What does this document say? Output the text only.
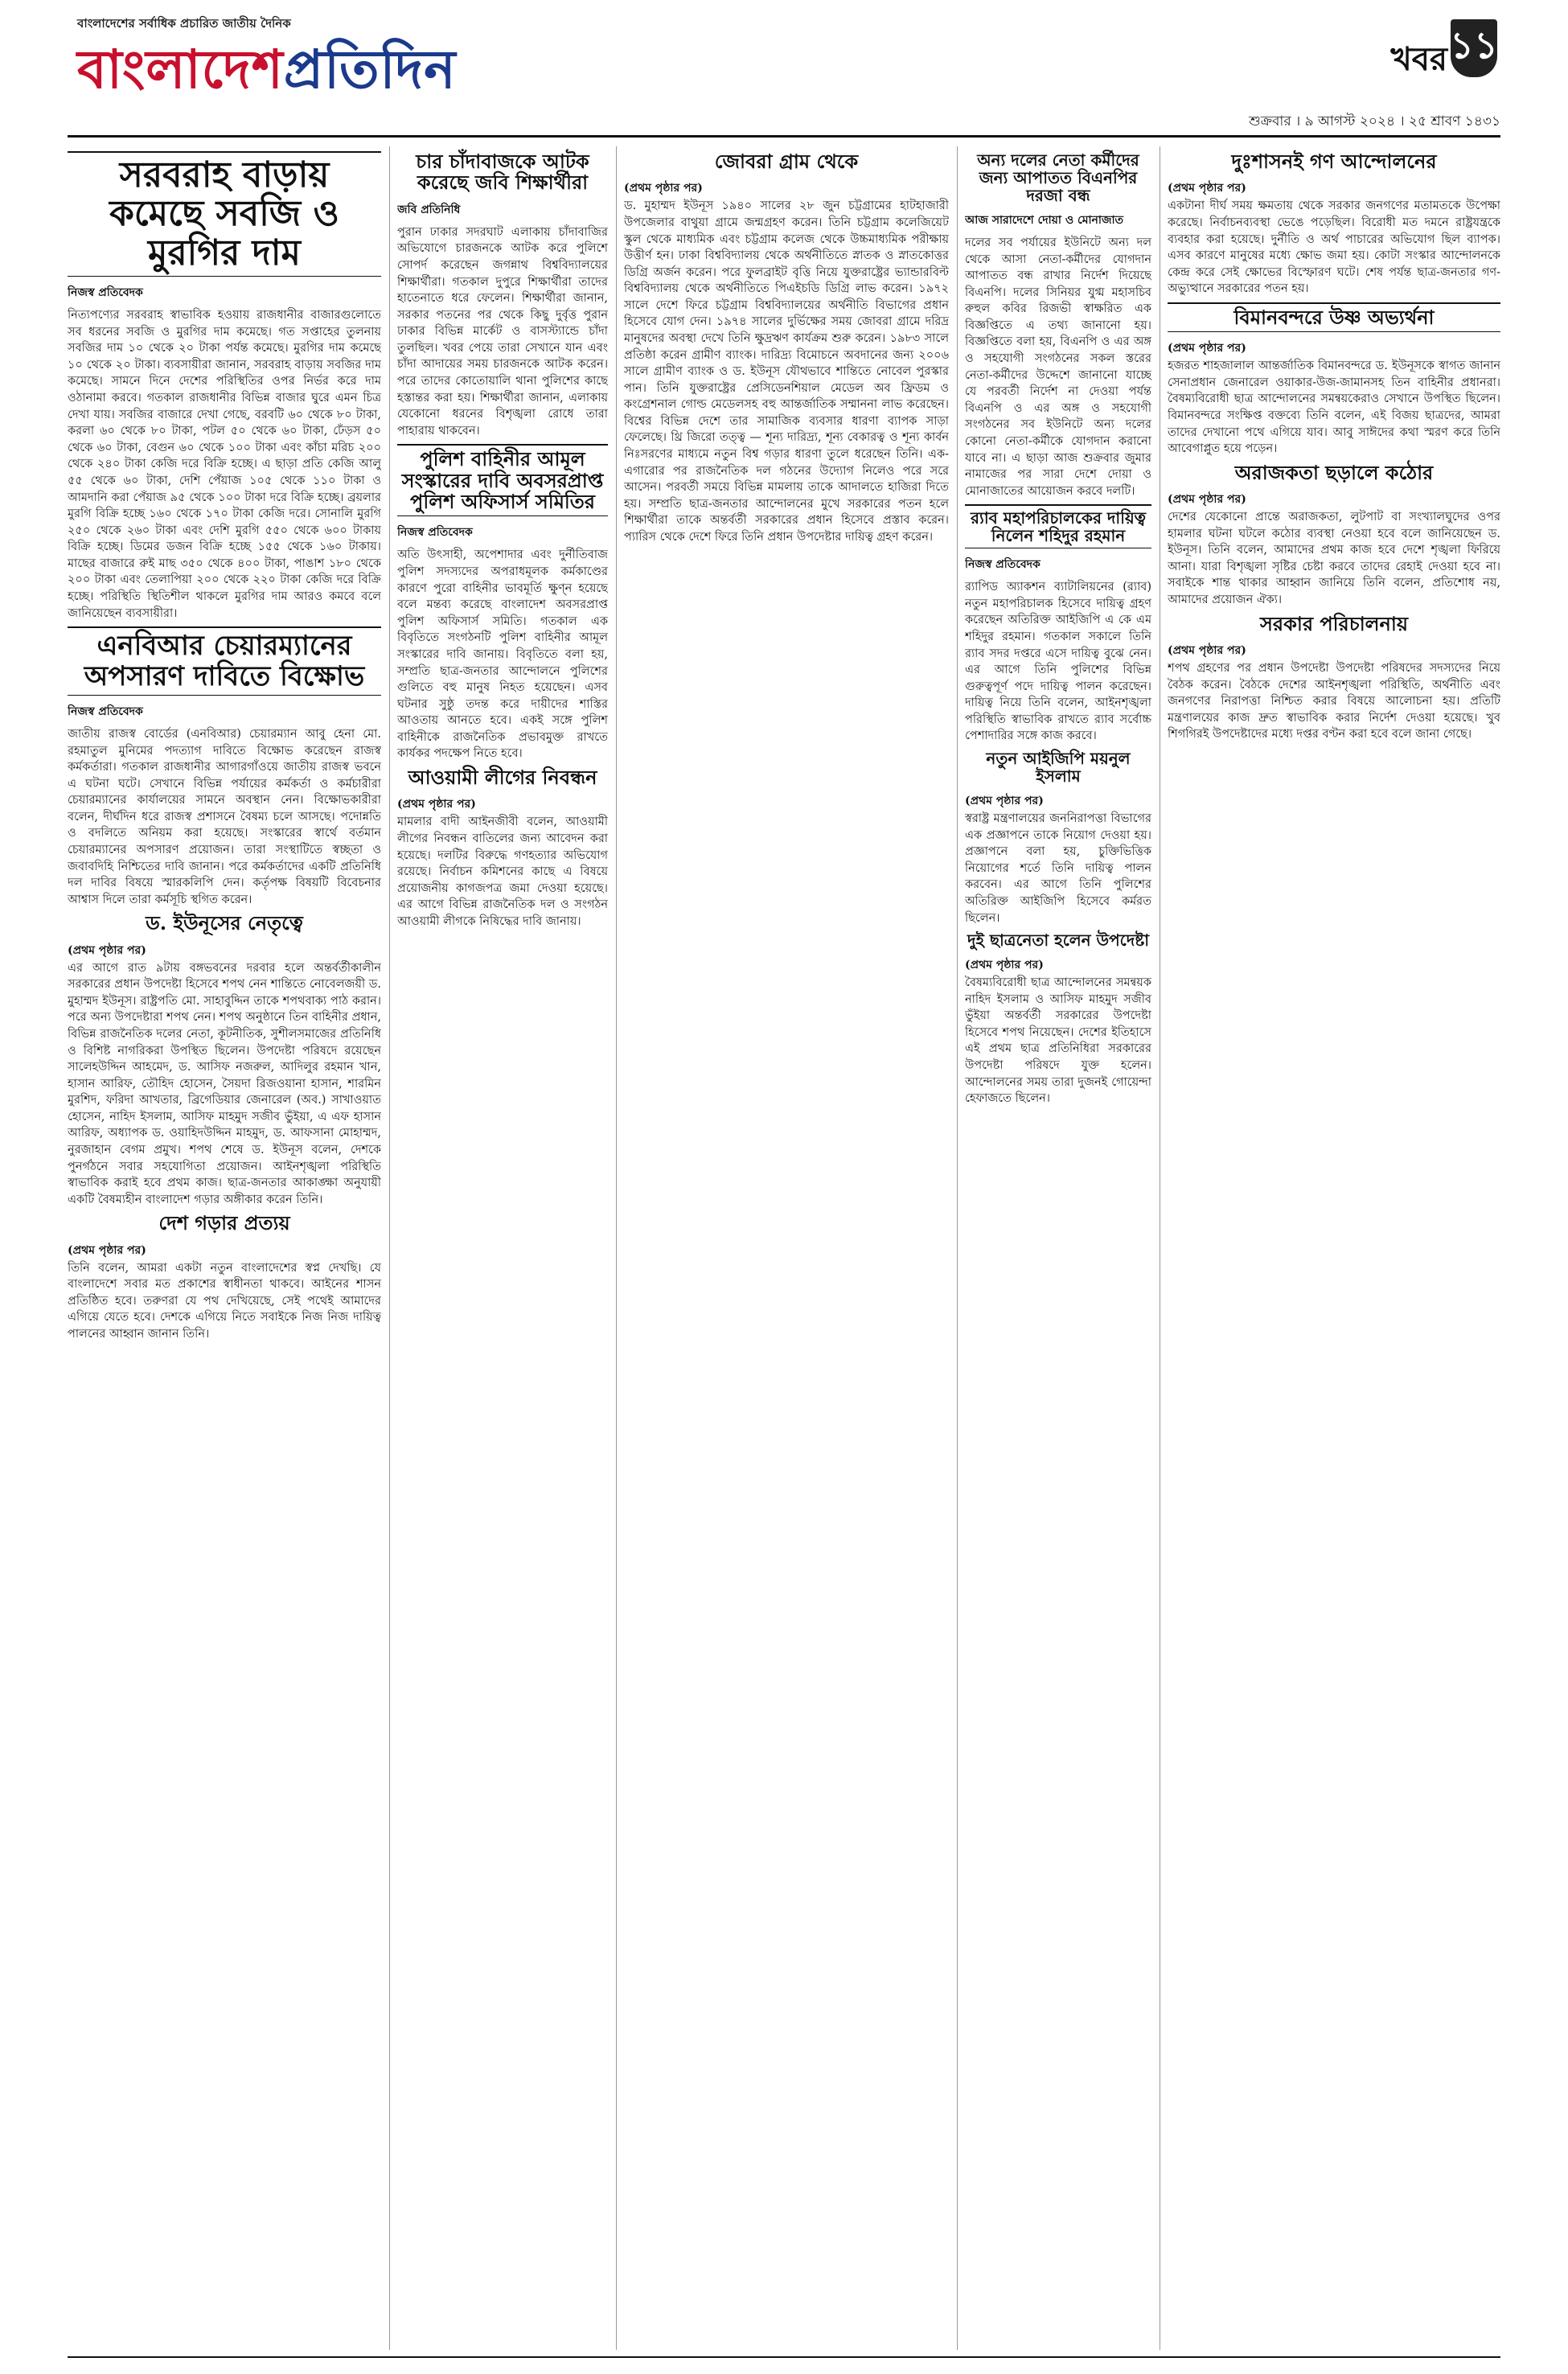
বাংলাদেশের সর্বাধিক প্রচারিত জাতীয় দৈনিক
বাংলাদেশপ্রতিদিন	খবর ১১
শুক্রবার । ৯ আগস্ট ২০২৪ । ২৫ শ্রাবণ ১৪৩১
সরবরাহ বাড়ায় কমেছে সবজি ও মুরগির দাম
নিজস্ব প্রতিবেদক

নিত্যপণ্যের সরবরাহ স্বাভাবিক হওয়ায় রাজধানীর বাজারগুলোতে সব ধরনের সবজি ও মুরগির দাম কমেছে। গত সপ্তাহের তুলনায় সবজির দাম ১০ থেকে ২০ টাকা পর্যন্ত কমেছে। মুরগির দাম কমেছে ১০ থেকে ২০ টাকা। ব্যবসায়ীরা জানান, সরবরাহ বাড়ায় সবজির দাম কমেছে। সামনে দিনে দেশের পরিস্থিতির ওপর নির্ভর করে দাম ওঠানামা করবে। গতকাল রাজধানীর বিভিন্ন বাজার ঘুরে এমন চিত্র দেখা যায়। সবজির বাজারে দেখা গেছে, বরবটি ৬০ থেকে ৮০ টাকা, করলা ৬০ থেকে ৮০ টাকা, পটল ৫০ থেকে ৬০ টাকা, ঢেঁড়স ৫০ থেকে ৬০ টাকা, বেগুন ৬০ থেকে ১০০ টাকা এবং কাঁচা মরিচ ২০০ থেকে ২৪০ টাকা কেজি দরে বিক্রি হচ্ছে। এ ছাড়া প্রতি কেজি আলু ৫৫ থেকে ৬০ টাকা, দেশি পেঁয়াজ ১০৫ থেকে ১১০ টাকা ও আমদানি করা পেঁয়াজ ৯৫ থেকে ১০০ টাকা দরে বিক্রি হচ্ছে। ব্রয়লার মুরগি বিক্রি হচ্ছে ১৬০ থেকে ১৭০ টাকা কেজি দরে। সোনালি মুরগি ২৫০ থেকে ২৬০ টাকা এবং দেশি মুরগি ৫৫০ থেকে ৬০০ টাকায় বিক্রি হচ্ছে। ডিমের ডজন বিক্রি হচ্ছে ১৫৫ থেকে ১৬০ টাকায়। মাছের বাজারে রুই মাছ ৩৫০ থেকে ৪০০ টাকা, পাঙাশ ১৮০ থেকে ২০০ টাকা এবং তেলাপিয়া ২০০ থেকে ২২০ টাকা কেজি দরে বিক্রি হচ্ছে। পরিস্থিতি স্থিতিশীল থাকলে মুরগির দাম আরও কমবে বলে জানিয়েছেন ব্যবসায়ীরা।

এনবিআর চেয়ারম্যানের অপসারণ দাবিতে বিক্ষোভ
নিজস্ব প্রতিবেদক

জাতীয় রাজস্ব বোর্ডের (এনবিআর) চেয়ারম্যান আবু হেনা মো. রহমাতুল মুনিমের পদত্যাগ দাবিতে বিক্ষোভ করেছেন রাজস্ব কর্মকর্তারা। গতকাল রাজধানীর আগারগাঁওয়ে জাতীয় রাজস্ব ভবনে এ ঘটনা ঘটে। সেখানে বিভিন্ন পর্যায়ের কর্মকর্তা ও কর্মচারীরা চেয়ারম্যানের কার্যালয়ের সামনে অবস্থান নেন। বিক্ষোভকারীরা বলেন, দীর্ঘদিন ধরে রাজস্ব প্রশাসনে বৈষম্য চলে আসছে। পদোন্নতি ও বদলিতে অনিয়ম করা হয়েছে। সংস্কারের স্বার্থে বর্তমান চেয়ারম্যানের অপসারণ প্রয়োজন। তারা সংস্থাটিতে স্বচ্ছতা ও জবাবদিহি নিশ্চিতের দাবি জানান। পরে কর্মকর্তাদের একটি প্রতিনিধি দল দাবির বিষয়ে স্মারকলিপি দেন। কর্তৃপক্ষ বিষয়টি বিবেচনার আশ্বাস দিলে তারা কর্মসূচি স্থগিত করেন।

ড. ইউনূসের নেতৃত্বে
(প্রথম পৃষ্ঠার পর)

এর আগে রাত ৯টায় বঙ্গভবনের দরবার হলে অন্তর্বর্তীকালীন সরকারের প্রধান উপদেষ্টা হিসেবে শপথ নেন শান্তিতে নোবেলজয়ী ড. মুহাম্মদ ইউনূস। রাষ্ট্রপতি মো. সাহাবুদ্দিন তাকে শপথবাক্য পাঠ করান। পরে অন্য উপদেষ্টারা শপথ নেন। শপথ অনুষ্ঠানে তিন বাহিনীর প্রধান, বিভিন্ন রাজনৈতিক দলের নেতা, কূটনীতিক, সুশীলসমাজের প্রতিনিধি ও বিশিষ্ট নাগরিকরা উপস্থিত ছিলেন। উপদেষ্টা পরিষদে রয়েছেন সালেহউদ্দিন আহমেদ, ড. আসিফ নজরুল, আদিলুর রহমান খান, হাসান আরিফ, তৌহিদ হোসেন, সৈয়দা রিজওয়ানা হাসান, শারমিন মুরশিদ, ফরিদা আখতার, ব্রিগেডিয়ার জেনারেল (অব.) সাখাওয়াত হোসেন, নাহিদ ইসলাম, আসিফ মাহমুদ সজীব ভুঁইয়া, এ এফ হাসান আরিফ, অধ্যাপক ড. ওয়াহিদউদ্দিন মাহমুদ, ড. আফসানা মোহাম্মদ, নুরজাহান বেগম প্রমুখ। শপথ শেষে ড. ইউনূস বলেন, দেশকে পুনর্গঠনে সবার সহযোগিতা প্রয়োজন। আইনশৃঙ্খলা পরিস্থিতি স্বাভাবিক করাই হবে প্রথম কাজ। ছাত্র-জনতার আকাঙ্ক্ষা অনুযায়ী একটি বৈষম্যহীন বাংলাদেশ গড়ার অঙ্গীকার করেন তিনি।

দেশ গড়ার প্রত্যয়
(প্রথম পৃষ্ঠার পর)

তিনি বলেন, আমরা একটা নতুন বাংলাদেশের স্বপ্ন দেখছি। যে বাংলাদেশে সবার মত প্রকাশের স্বাধীনতা থাকবে। আইনের শাসন প্রতিষ্ঠিত হবে। তরুণরা যে পথ দেখিয়েছে, সেই পথেই আমাদের এগিয়ে যেতে হবে। দেশকে এগিয়ে নিতে সবাইকে নিজ নিজ দায়িত্ব পালনের আহ্বান জানান তিনি।

চার চাঁদাবাজকে আটক করেছে জবি শিক্ষার্থীরা
জবি প্রতিনিধি

পুরান ঢাকার সদরঘাট এলাকায় চাঁদাবাজির অভিযোগে চারজনকে আটক করে পুলিশে সোপর্দ করেছেন জগন্নাথ বিশ্ববিদ্যালয়ের শিক্ষার্থীরা। গতকাল দুপুরে শিক্ষার্থীরা তাদের হাতেনাতে ধরে ফেলেন। শিক্ষার্থীরা জানান, সরকার পতনের পর থেকে কিছু দুর্বৃত্ত পুরান ঢাকার বিভিন্ন মার্কেট ও বাসস্ট্যান্ডে চাঁদা তুলছিল। খবর পেয়ে তারা সেখানে যান এবং চাঁদা আদায়ের সময় চারজনকে আটক করেন। পরে তাদের কোতোয়ালি থানা পুলিশের কাছে হস্তান্তর করা হয়। শিক্ষার্থীরা জানান, এলাকায় যেকোনো ধরনের বিশৃঙ্খলা রোধে তারা পাহারায় থাকবেন।

পুলিশ বাহিনীর আমূল সংস্কারের দাবি অবসরপ্রাপ্ত পুলিশ অফিসার্স সমিতির
নিজস্ব প্রতিবেদক

অতি উৎসাহী, অপেশাদার এবং দুর্নীতিবাজ পুলিশ সদস্যদের অপরাধমূলক কর্মকাণ্ডের কারণে পুরো বাহিনীর ভাবমূর্তি ক্ষুণ্ন হয়েছে বলে মন্তব্য করেছে বাংলাদেশ অবসরপ্রাপ্ত পুলিশ অফিসার্স সমিতি। গতকাল এক বিবৃতিতে সংগঠনটি পুলিশ বাহিনীর আমূল সংস্কারের দাবি জানায়। বিবৃতিতে বলা হয়, সম্প্রতি ছাত্র-জনতার আন্দোলনে পুলিশের গুলিতে বহু মানুষ নিহত হয়েছেন। এসব ঘটনার সুষ্ঠু তদন্ত করে দায়ীদের শাস্তির আওতায় আনতে হবে। একই সঙ্গে পুলিশ বাহিনীকে রাজনৈতিক প্রভাবমুক্ত রাখতে কার্যকর পদক্ষেপ নিতে হবে।

আওয়ামী লীগের নিবন্ধন
(প্রথম পৃষ্ঠার পর)

মামলার বাদী আইনজীবী বলেন, আওয়ামী লীগের নিবন্ধন বাতিলের জন্য আবেদন করা হয়েছে। দলটির বিরুদ্ধে গণহত্যার অভিযোগ রয়েছে। নির্বাচন কমিশনের কাছে এ বিষয়ে প্রয়োজনীয় কাগজপত্র জমা দেওয়া হয়েছে। এর আগে বিভিন্ন রাজনৈতিক দল ও সংগঠন আওয়ামী লীগকে নিষিদ্ধের দাবি জানায়।

জোবরা গ্রাম থেকে
(প্রথম পৃষ্ঠার পর)

ড. মুহাম্মদ ইউনূস ১৯৪০ সালের ২৮ জুন চট্টগ্রামের হাটহাজারী উপজেলার বাথুয়া গ্রামে জন্মগ্রহণ করেন। তিনি চট্টগ্রাম কলেজিয়েট স্কুল থেকে মাধ্যমিক এবং চট্টগ্রাম কলেজ থেকে উচ্চমাধ্যমিক পরীক্ষায় উত্তীর্ণ হন। ঢাকা বিশ্ববিদ্যালয় থেকে অর্থনীতিতে স্নাতক ও স্নাতকোত্তর ডিগ্রি অর্জন করেন। পরে ফুলব্রাইট বৃত্তি নিয়ে যুক্তরাষ্ট্রের ভ্যান্ডারবিল্ট বিশ্ববিদ্যালয় থেকে অর্থনীতিতে পিএইচডি ডিগ্রি লাভ করেন। ১৯৭২ সালে দেশে ফিরে চট্টগ্রাম বিশ্ববিদ্যালয়ের অর্থনীতি বিভাগের প্রধান হিসেবে যোগ দেন। ১৯৭৪ সালের দুর্ভিক্ষের সময় জোবরা গ্রামে দরিদ্র মানুষদের অবস্থা দেখে তিনি ক্ষুদ্রঋণ কার্যক্রম শুরু করেন। ১৯৮৩ সালে প্রতিষ্ঠা করেন গ্রামীণ ব্যাংক। দারিদ্র্য বিমোচনে অবদানের জন্য ২০০৬ সালে গ্রামীণ ব্যাংক ও ড. ইউনূস যৌথভাবে শান্তিতে নোবেল পুরস্কার পান। তিনি যুক্তরাষ্ট্রের প্রেসিডেনশিয়াল মেডেল অব ফ্রিডম ও কংগ্রেশনাল গোল্ড মেডেলসহ বহু আন্তর্জাতিক সম্মাননা লাভ করেছেন। বিশ্বের বিভিন্ন দেশে তার সামাজিক ব্যবসার ধারণা ব্যাপক সাড়া ফেলেছে। থ্রি জিরো তত্ত্ব — শূন্য দারিদ্র্য, শূন্য বেকারত্ব ও শূন্য কার্বন নিঃসরণের মাধ্যমে নতুন বিশ্ব গড়ার ধারণা তুলে ধরেছেন তিনি। এক-এগারোর পর রাজনৈতিক দল গঠনের উদ্যোগ নিলেও পরে সরে আসেন। পরবর্তী সময়ে বিভিন্ন মামলায় তাকে আদালতে হাজিরা দিতে হয়। সম্প্রতি ছাত্র-জনতার আন্দোলনের মুখে সরকারের পতন হলে শিক্ষার্থীরা তাকে অন্তর্বর্তী সরকারের প্রধান হিসেবে প্রস্তাব করেন। প্যারিস থেকে দেশে ফিরে তিনি প্রধান উপদেষ্টার দায়িত্ব গ্রহণ করেন।

অন্য দলের নেতা কর্মীদের জন্য আপাতত বিএনপির দরজা বন্ধ
আজ সারাদেশে দোয়া ও মোনাজাত

দলের সব পর্যায়ের ইউনিটে অন্য দল থেকে আসা নেতা-কর্মীদের যোগদান আপাতত বন্ধ রাখার নির্দেশ দিয়েছে বিএনপি। দলের সিনিয়র যুগ্ম মহাসচিব রুহুল কবির রিজভী স্বাক্ষরিত এক বিজ্ঞপ্তিতে এ তথ্য জানানো হয়। বিজ্ঞপ্তিতে বলা হয়, বিএনপি ও এর অঙ্গ ও সহযোগী সংগঠনের সকল স্তরের নেতা-কর্মীদের উদ্দেশে জানানো যাচ্ছে যে পরবর্তী নির্দেশ না দেওয়া পর্যন্ত বিএনপি ও এর অঙ্গ ও সহযোগী সংগঠনের সব ইউনিটে অন্য দলের কোনো নেতা-কর্মীকে যোগদান করানো যাবে না। এ ছাড়া আজ শুক্রবার জুমার নামাজের পর সারা দেশে দোয়া ও মোনাজাতের আয়োজন করবে দলটি।

র‍্যাব মহাপরিচালকের দায়িত্ব নিলেন শহিদুর রহমান
নিজস্ব প্রতিবেদক

র‍্যাপিড অ্যাকশন ব্যাটালিয়নের (র‍্যাব) নতুন মহাপরিচালক হিসেবে দায়িত্ব গ্রহণ করেছেন অতিরিক্ত আইজিপি এ কে এম শহিদুর রহমান। গতকাল সকালে তিনি র‍্যাব সদর দপ্তরে এসে দায়িত্ব বুঝে নেন। এর আগে তিনি পুলিশের বিভিন্ন গুরুত্বপূর্ণ পদে দায়িত্ব পালন করেছেন। দায়িত্ব নিয়ে তিনি বলেন, আইনশৃঙ্খলা পরিস্থিতি স্বাভাবিক রাখতে র‍্যাব সর্বোচ্চ পেশাদারির সঙ্গে কাজ করবে।

নতুন আইজিপি ময়নুল ইসলাম
(প্রথম পৃষ্ঠার পর)

স্বরাষ্ট্র মন্ত্রণালয়ের জননিরাপত্তা বিভাগের এক প্রজ্ঞাপনে তাকে নিয়োগ দেওয়া হয়। প্রজ্ঞাপনে বলা হয়, চুক্তিভিত্তিক নিয়োগের শর্তে তিনি দায়িত্ব পালন করবেন। এর আগে তিনি পুলিশের অতিরিক্ত আইজিপি হিসেবে কর্মরত ছিলেন।

দুই ছাত্রনেতা হলেন উপদেষ্টা
(প্রথম পৃষ্ঠার পর)

বৈষম্যবিরোধী ছাত্র আন্দোলনের সমন্বয়ক নাহিদ ইসলাম ও আসিফ মাহমুদ সজীব ভুঁইয়া অন্তর্বর্তী সরকারের উপদেষ্টা হিসেবে শপথ নিয়েছেন। দেশের ইতিহাসে এই প্রথম ছাত্র প্রতিনিধিরা সরকারের উপদেষ্টা পরিষদে যুক্ত হলেন। আন্দোলনের সময় তারা দুজনই গোয়েন্দা হেফাজতে ছিলেন।

দুঃশাসনই গণ আন্দোলনের
(প্রথম পৃষ্ঠার পর)

একটানা দীর্ঘ সময় ক্ষমতায় থেকে সরকার জনগণের মতামতকে উপেক্ষা করেছে। নির্বাচনব্যবস্থা ভেঙে পড়েছিল। বিরোধী মত দমনে রাষ্ট্রযন্ত্রকে ব্যবহার করা হয়েছে। দুর্নীতি ও অর্থ পাচারের অভিযোগ ছিল ব্যাপক। এসব কারণে মানুষের মধ্যে ক্ষোভ জমা হয়। কোটা সংস্কার আন্দোলনকে কেন্দ্র করে সেই ক্ষোভের বিস্ফোরণ ঘটে। শেষ পর্যন্ত ছাত্র-জনতার গণ-অভ্যুত্থানে সরকারের পতন হয়।

বিমানবন্দরে উষ্ণ অভ্যর্থনা
(প্রথম পৃষ্ঠার পর)

হজরত শাহজালাল আন্তর্জাতিক বিমানবন্দরে ড. ইউনূসকে স্বাগত জানান সেনাপ্রধান জেনারেল ওয়াকার-উজ-জামানসহ তিন বাহিনীর প্রধানরা। বৈষম্যবিরোধী ছাত্র আন্দোলনের সমন্বয়কেরাও সেখানে উপস্থিত ছিলেন। বিমানবন্দরে সংক্ষিপ্ত বক্তব্যে তিনি বলেন, এই বিজয় ছাত্রদের, আমরা তাদের দেখানো পথে এগিয়ে যাব। আবু সাঈদের কথা স্মরণ করে তিনি আবেগাপ্লুত হয়ে পড়েন।

অরাজকতা ছড়ালে কঠোর
(প্রথম পৃষ্ঠার পর)

দেশের যেকোনো প্রান্তে অরাজকতা, লুটপাট বা সংখ্যালঘুদের ওপর হামলার ঘটনা ঘটলে কঠোর ব্যবস্থা নেওয়া হবে বলে জানিয়েছেন ড. ইউনূস। তিনি বলেন, আমাদের প্রথম কাজ হবে দেশে শৃঙ্খলা ফিরিয়ে আনা। যারা বিশৃঙ্খলা সৃষ্টির চেষ্টা করবে তাদের রেহাই দেওয়া হবে না। সবাইকে শান্ত থাকার আহ্বান জানিয়ে তিনি বলেন, প্রতিশোধ নয়, আমাদের প্রয়োজন ঐক্য।

সরকার পরিচালনায়
(প্রথম পৃষ্ঠার পর)

শপথ গ্রহণের পর প্রধান উপদেষ্টা উপদেষ্টা পরিষদের সদস্যদের নিয়ে বৈঠক করেন। বৈঠকে দেশের আইনশৃঙ্খলা পরিস্থিতি, অর্থনীতি এবং জনগণের নিরাপত্তা নিশ্চিত করার বিষয়ে আলোচনা হয়। প্রতিটি মন্ত্রণালয়ের কাজ দ্রুত স্বাভাবিক করার নির্দেশ দেওয়া হয়েছে। খুব শিগগিরই উপদেষ্টাদের মধ্যে দপ্তর বণ্টন করা হবে বলে জানা গেছে।
